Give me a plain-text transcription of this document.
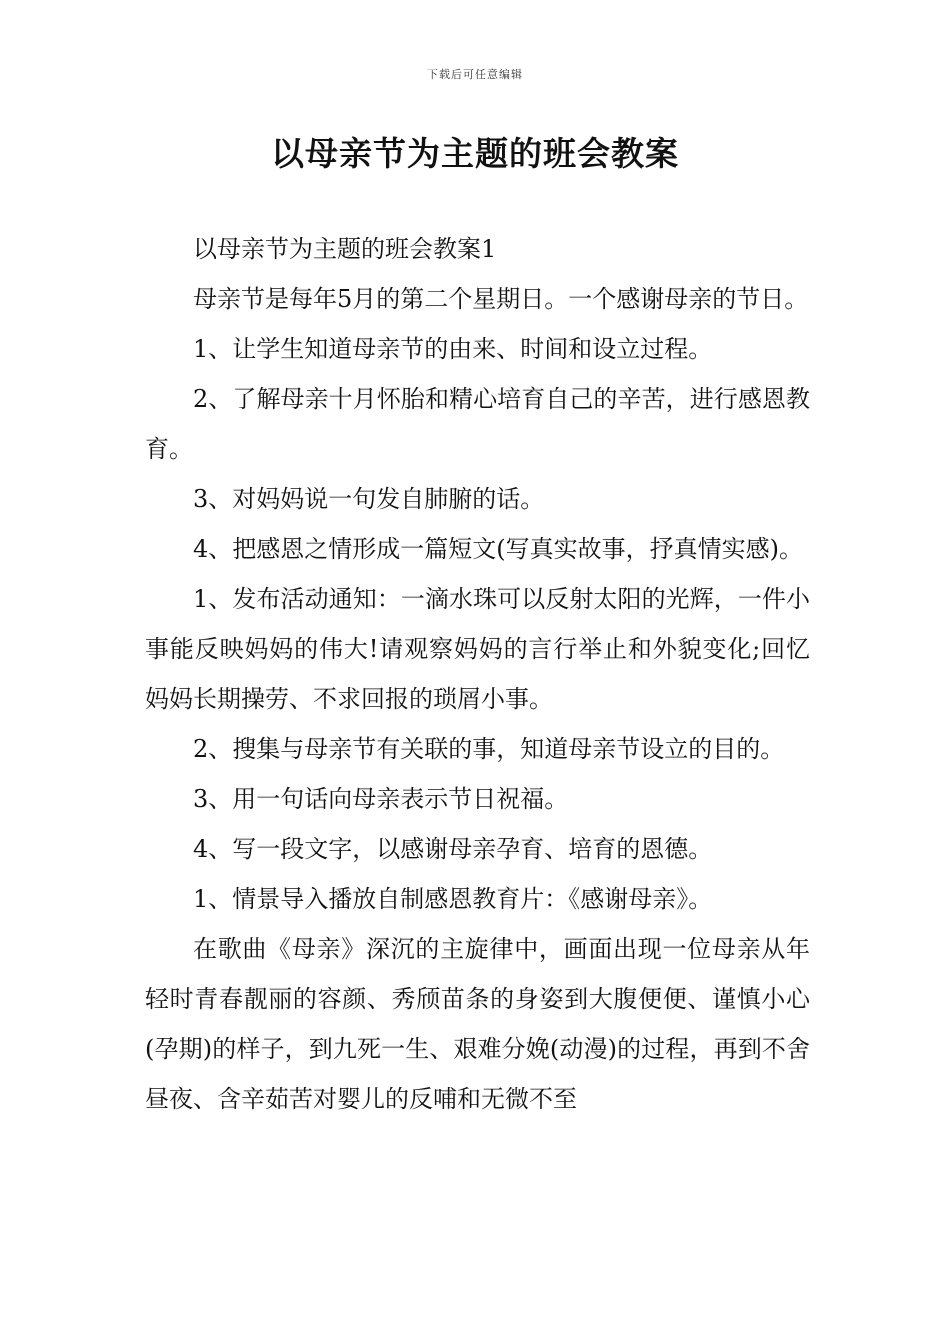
下载后可任意编辑
以母亲节为主题的班会教案

以母亲节为主题的班会教案1

母亲节是每年5月的第二个星期日。一个感谢母亲的节日。

1、让学生知道母亲节的由来、时间和设立过程。

2、了解母亲十月怀胎和精心培育自己的辛苦，进行感恩教育。

3、对妈妈说一句发自肺腑的话。

4、把感恩之情形成一篇短文(写真实故事，抒真情实感)。

1、发布活动通知：一滴水珠可以反射太阳的光辉，一件小事能反映妈妈的伟大!请观察妈妈的言行举止和外貌变化;回忆妈妈长期操劳、不求回报的琐屑小事。

2、搜集与母亲节有关联的事，知道母亲节设立的目的。

3、用一句话向母亲表示节日祝福。

4、写一段文字，以感谢母亲孕育、培育的恩德。

1、情景导入播放自制感恩教育片：《感谢母亲》。

在歌曲《母亲》深沉的主旋律中，画面出现一位母亲从年轻时青春靓丽的容颜、秀颀苗条的身姿到大腹便便、谨慎小心(孕期)的样子，到九死一生、艰难分娩(动漫)的过程，再到不舍昼夜、含辛茹苦对婴儿的反哺和无微不至
